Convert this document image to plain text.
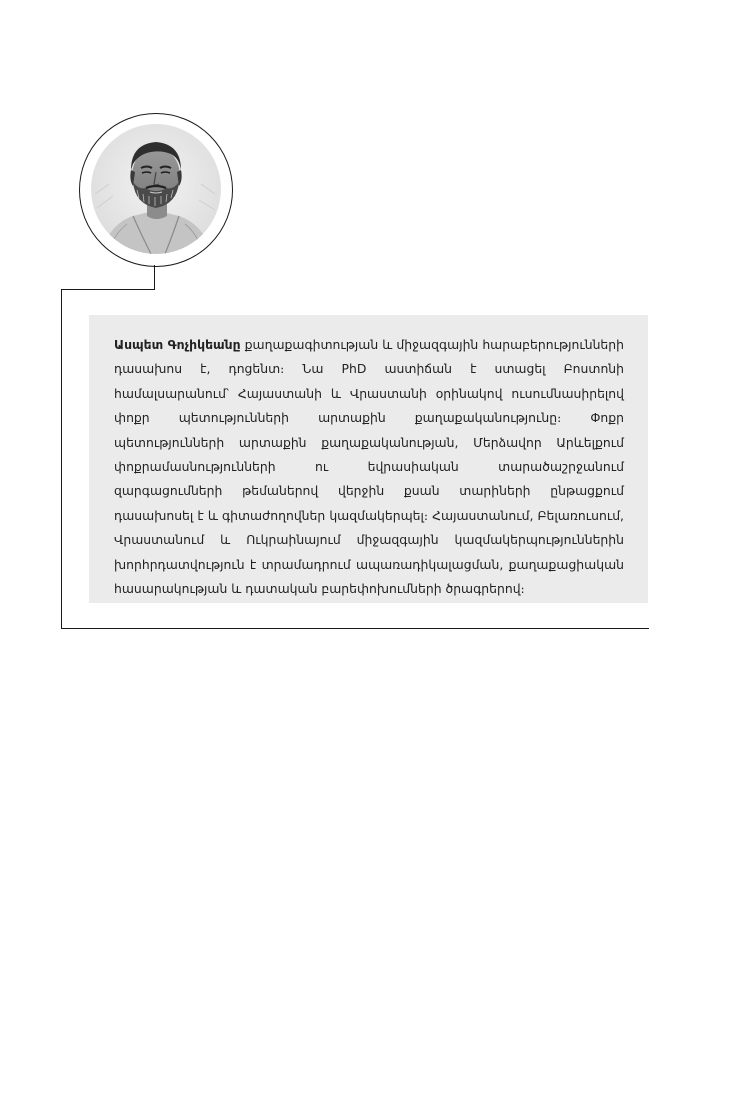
Ասպետ Գոչիկեանը քաղաքագիտության և միջազգային հարաբերությունների դասախոս է, դոցենտ։ Նա PhD աստիճան է ստացել Բոստոնի համալսարանում՝ Հայաստանի և Վրաստանի օրինակով ուսումնասիրելով փոքր պետությունների արտաքին քաղաքականությունը։ Փոքր պետությունների արտաքին քաղաքականության, Մերձավոր Արևելքում փոքրամասնությունների ու եվրասիական տարածաշրջանում զարգացումների թեմաներով վերջին քսան տարիների ընթացքում դասախոսել է և գիտաժողովներ կազմակերպել։ Հայաստանում, Բելառուսում, Վրաստանում և Ուկրաինայում միջազգային կազմակերպություններին խորհրդատվություն է տրամադրում ապառադիկալացման, քաղաքացիական հասարակության և դատական բարեփոխումների ծրագրերով։
